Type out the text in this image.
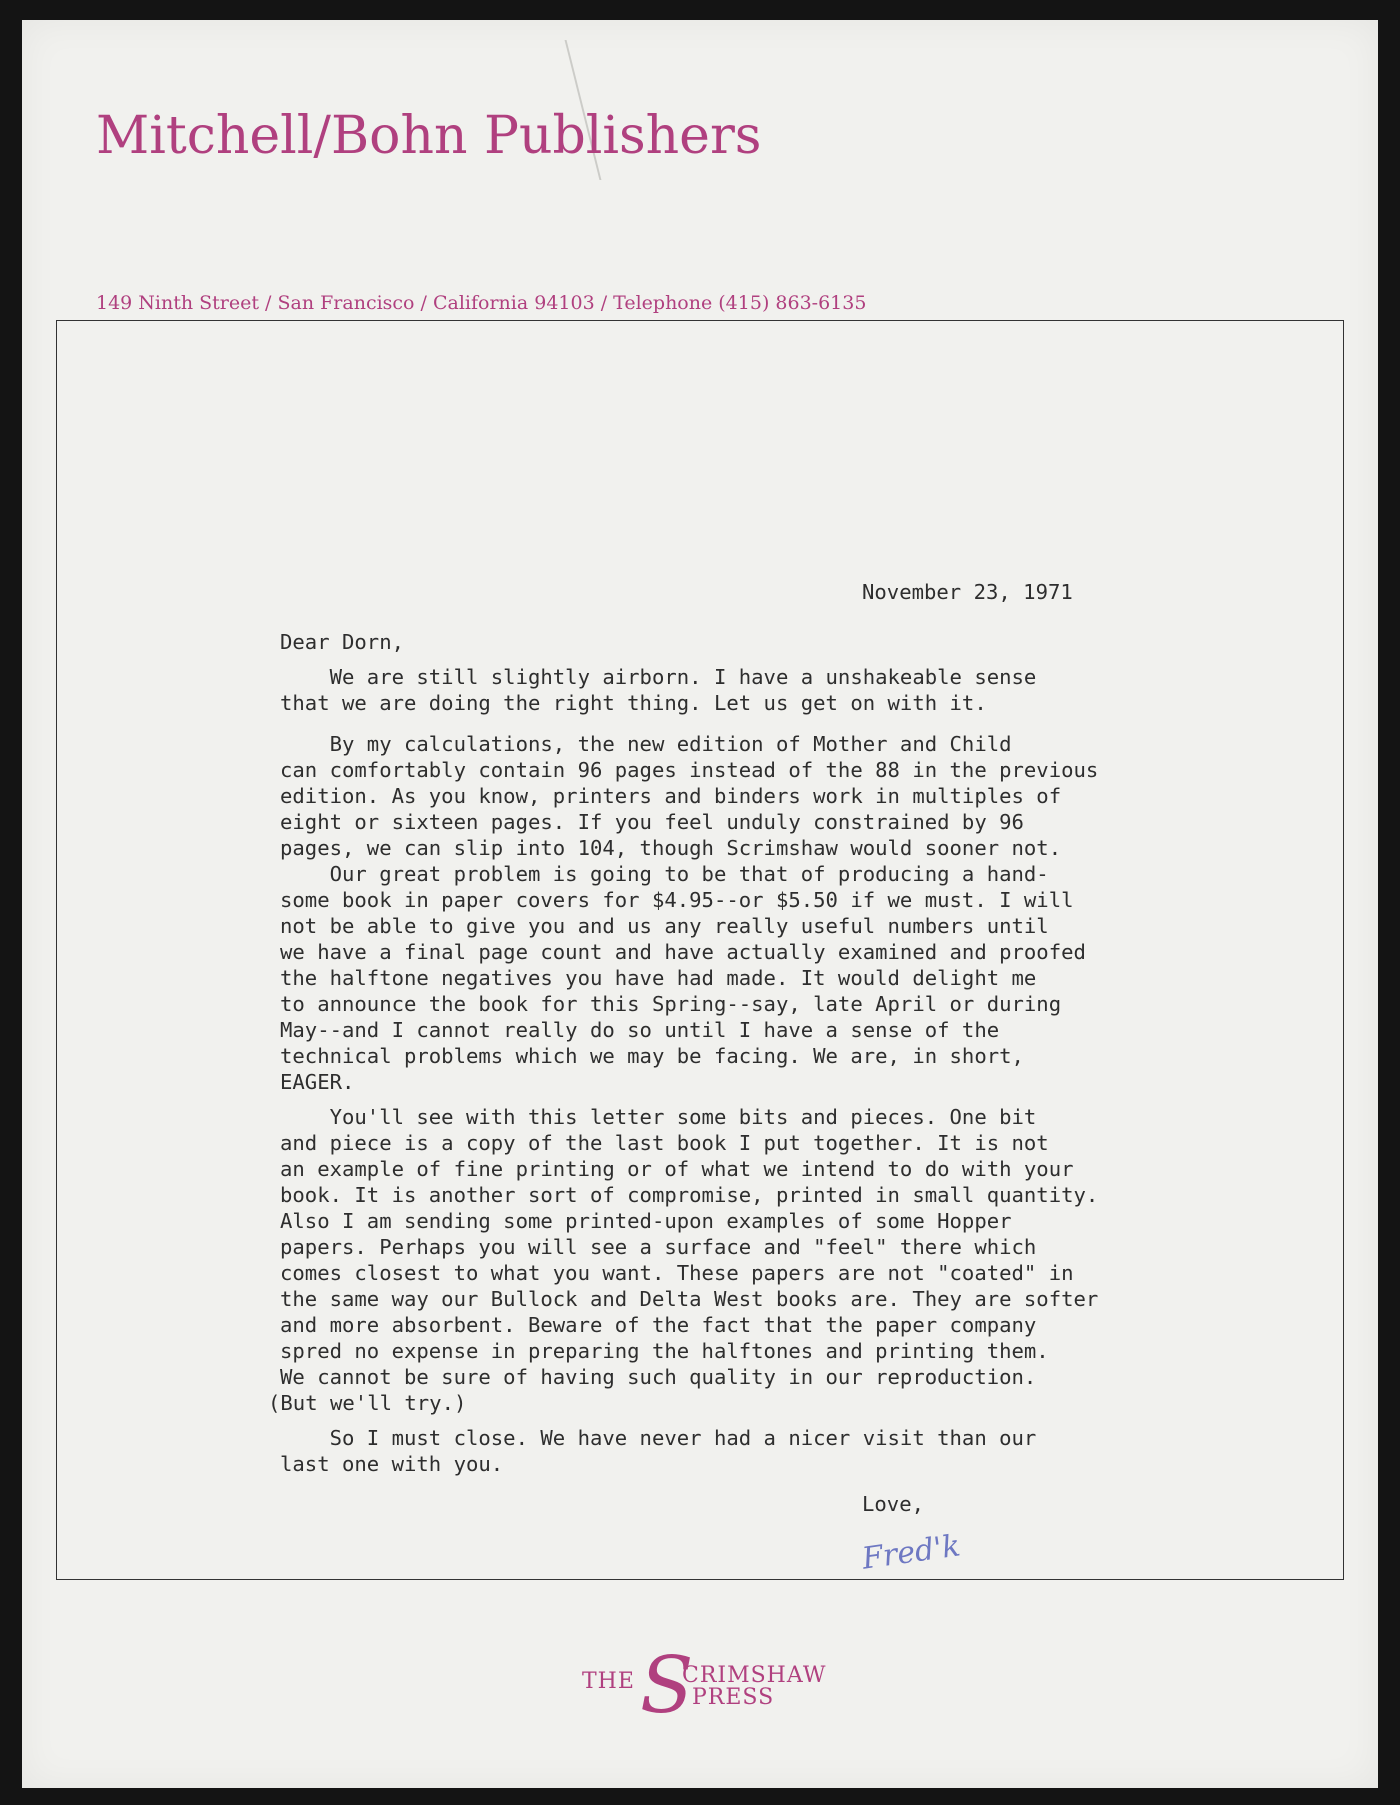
Mitchell/Bohn Publishers
149 Ninth Street / San Francisco / California 94103 / Telephone (415) 863-6135
November 23, 1971
Dear Dorn,
We are still slightly airborn. I have a unshakeable sense
that we are doing the right thing. Let us get on with it.
By my calculations, the new edition of Mother and Child
can comfortably contain 96 pages instead of the 88 in the previous
edition. As you know, printers and binders work in multiples of
eight or sixteen pages. If you feel unduly constrained by 96
pages, we can slip into 104, though Scrimshaw would sooner not.
Our great problem is going to be that of producing a hand-
some book in paper covers for $4.95--or $5.50 if we must. I will
not be able to give you and us any really useful numbers until
we have a final page count and have actually examined and proofed
the halftone negatives you have had made. It would delight me
to announce the book for this Spring--say, late April or during
May--and I cannot really do so until I have a sense of the
technical problems which we may be facing. We are, in short,
EAGER.
You'll see with this letter some bits and pieces. One bit
and piece is a copy of the last book I put together. It is not
an example of fine printing or of what we intend to do with your
book. It is another sort of compromise, printed in small quantity.
Also I am sending some printed-upon examples of some Hopper
papers. Perhaps you will see a surface and "feel" there which
comes closest to what you want. These papers are not "coated" in
the same way our Bullock and Delta West books are. They are softer
and more absorbent. Beware of the fact that the paper company
spred no expense in preparing the halftones and printing them.
We cannot be sure of having such quality in our reproduction.
(But we'll try.)
So I must close. We have never had a nicer visit than our
last one with you.
Love,
Fred'k
THE S
CRIMSHAW
PRESS
